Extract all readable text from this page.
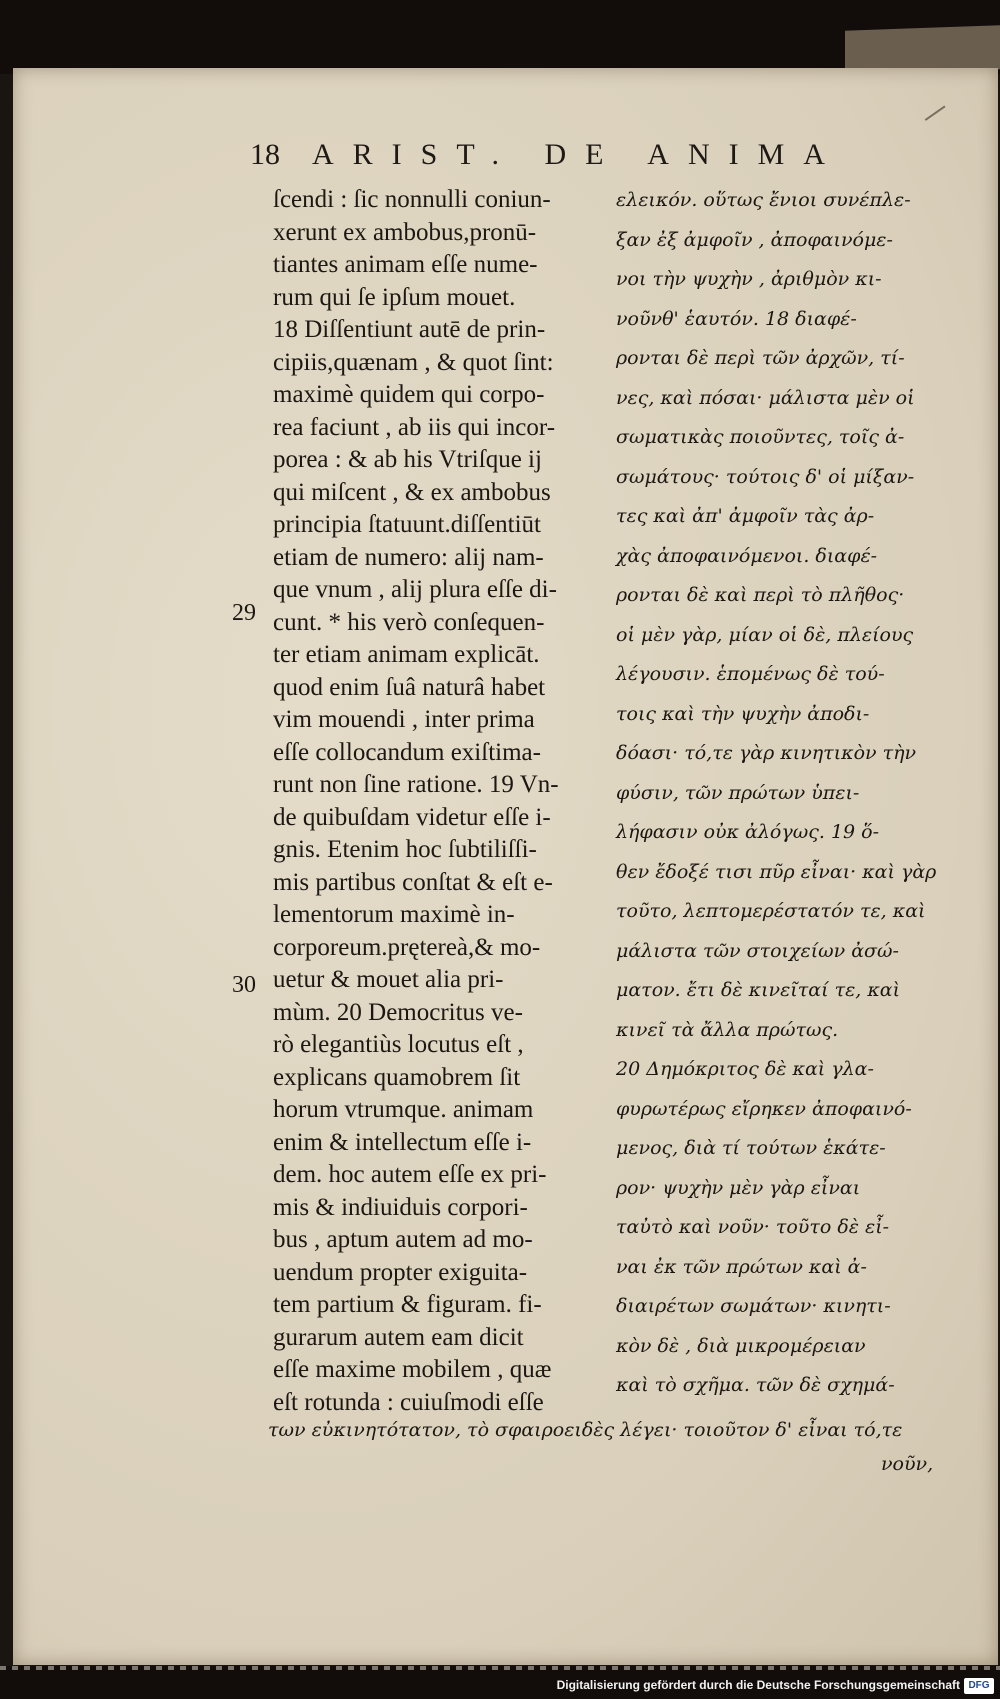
18 ARIST. DE ANIMA
ſcendi : ſic nonnulli coniun-
xerunt ex ambobus,pronū-
tiantes animam eſſe nume-
rum qui ſe ipſum mouet.
18 Diſſentiunt autē de prin-
cipiis,quænam , & quot ſint:
maximè quidem qui corpo-
rea faciunt , ab iis qui incor-
porea : & ab his Vtriſque ij
qui miſcent , & ex ambobus
principia ſtatuunt.diſſentiūt
etiam de numero: alij nam-
que vnum , alij plura eſſe di-
cunt. * his verò conſequen-
ter etiam animam explicāt.
quod enim ſuâ naturâ habet
vim mouendi , inter prima
eſſe collocandum exiſtima-
runt non ſine ratione. 19 Vn-
de quibuſdam videtur eſſe i-
gnis. Etenim hoc ſubtiliſſi-
mis partibus conſtat & eſt e-
lementorum maximè in-
corporeum.prętereà,& mo-
uetur & mouet alia pri-
mùm. 20 Democritus ve-
rò elegantiùs locutus eſt ,
explicans quamobrem ſit
horum vtrumque. animam
enim & intellectum eſſe i-
dem. hoc autem eſſe ex pri-
mis & indiuiduis corpori-
bus , aptum autem ad mo-
uendum propter exiguita-
tem partium & figuram. fi-
gurarum autem eam dicit
eſſe maxime mobilem , quæ
eſt rotunda : cuiuſmodi eſſe
ελεικόν. οὕτως ἔνιοι συνέπλε-
ξαν ἐξ ἀμφοῖν , ἀποφαινόμε-
νοι τὴν ψυχὴν , ἀριθμὸν κι-
νοῦνθ' ἑαυτόν. 18 διαφέ-
ρονται δὲ περὶ τῶν ἀρχῶν, τί-
νες, καὶ πόσαι· μάλιστα μὲν οἱ
σωματικὰς ποιοῦντες, τοῖς ἀ-
σωμάτους· τούτοις δ' οἱ μίξαν-
τες καὶ ἀπ' ἀμφοῖν τὰς ἀρ-
χὰς ἀποφαινόμενοι. διαφέ-
ρονται δὲ καὶ περὶ τὸ πλῆθος·
οἱ μὲν γὰρ, μίαν οἱ δὲ, πλείους
λέγουσιν. ἑπομένως δὲ τού-
τοις καὶ τὴν ψυχὴν ἀποδι-
δόασι· τό,τε γὰρ κινητικὸν τὴν
φύσιν, τῶν πρώτων ὑπει-
λήφασιν οὐκ ἀλόγως. 19 ὅ-
θεν ἔδοξέ τισι πῦρ εἶναι· καὶ γὰρ
τοῦτο, λεπτομερέστατόν τε, καὶ
μάλιστα τῶν στοιχείων ἀσώ-
ματον. ἔτι δὲ κινεῖταί τε, καὶ
κινεῖ τὰ ἄλλα πρώτως.
20 Δημόκριτος δὲ καὶ γλα-
φυρωτέρως εἴρηκεν ἀποφαινό-
μενος, διὰ τί τούτων ἑκάτε-
ρον· ψυχὴν μὲν γὰρ εἶναι
ταὐτὸ καὶ νοῦν· τοῦτο δὲ εἶ-
ναι ἐκ τῶν πρώτων καὶ ἀ-
διαιρέτων σωμάτων· κινητι-
κὸν δὲ , διὰ μικρομέρειαν
καὶ τὸ σχῆμα. τῶν δὲ σχημά-
των εὐκινητότατον, τὸ σφαιροειδὲς λέγει· τοιοῦτον δ' εἶναι τό,τε
νοῦν,
29
30
Digitalisierung gefördert durch die Deutsche Forschungsgemeinschaft DFG
